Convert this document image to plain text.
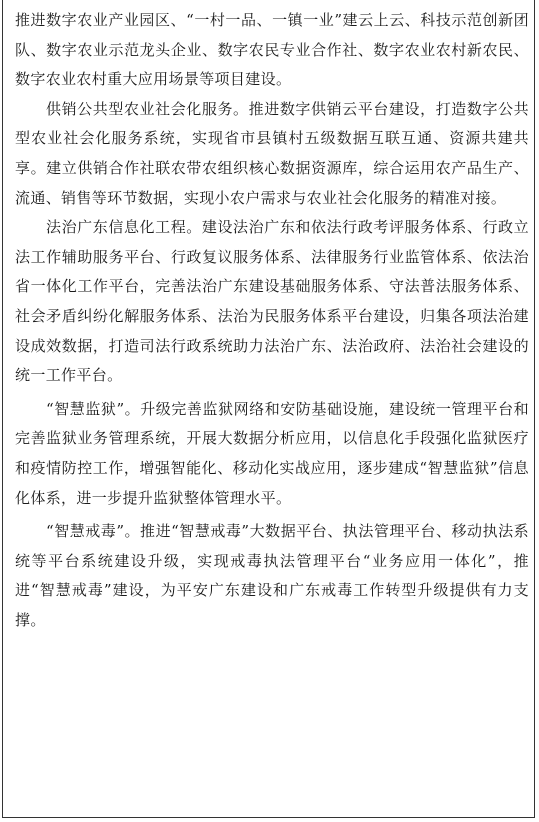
推进数字农业产业园区、“一村一品、一镇一业”建云上云、科技示范创新团队、数字农业示范龙头企业、数字农民专业合作社、数字农业农村新农民、数字农业农村重大应用场景等项目建设。

供销公共型农业社会化服务。推进数字供销云平台建设，打造数字公共型农业社会化服务系统，实现省市县镇村五级数据互联互通、资源共建共享。建立供销合作社联农带农组织核心数据资源库，综合运用农产品生产、流通、销售等环节数据，实现小农户需求与农业社会化服务的精准对接。

法治广东信息化工程。建设法治广东和依法行政考评服务体系、行政立法工作辅助服务平台、行政复议服务体系、法律服务行业监管体系、依法治省一体化工作平台，完善法治广东建设基础服务体系、守法普法服务体系、社会矛盾纠纷化解服务体系、法治为民服务体系平台建设，归集各项法治建设成效数据，打造司法行政系统助力法治广东、法治政府、法治社会建设的统一工作平台。

“智慧监狱”。升级完善监狱网络和安防基础设施，建设统一管理平台和完善监狱业务管理系统，开展大数据分析应用，以信息化手段强化监狱医疗和疫情防控工作，增强智能化、移动化实战应用，逐步建成“智慧监狱”信息化体系，进一步提升监狱整体管理水平。

“智慧戒毒”。推进“智慧戒毒”大数据平台、执法管理平台、移动执法系统等平台系统建设升级，实现戒毒执法管理平台“业务应用一体化”，推进“智慧戒毒”建设，为平安广东建设和广东戒毒工作转型升级提供有力支撑。
